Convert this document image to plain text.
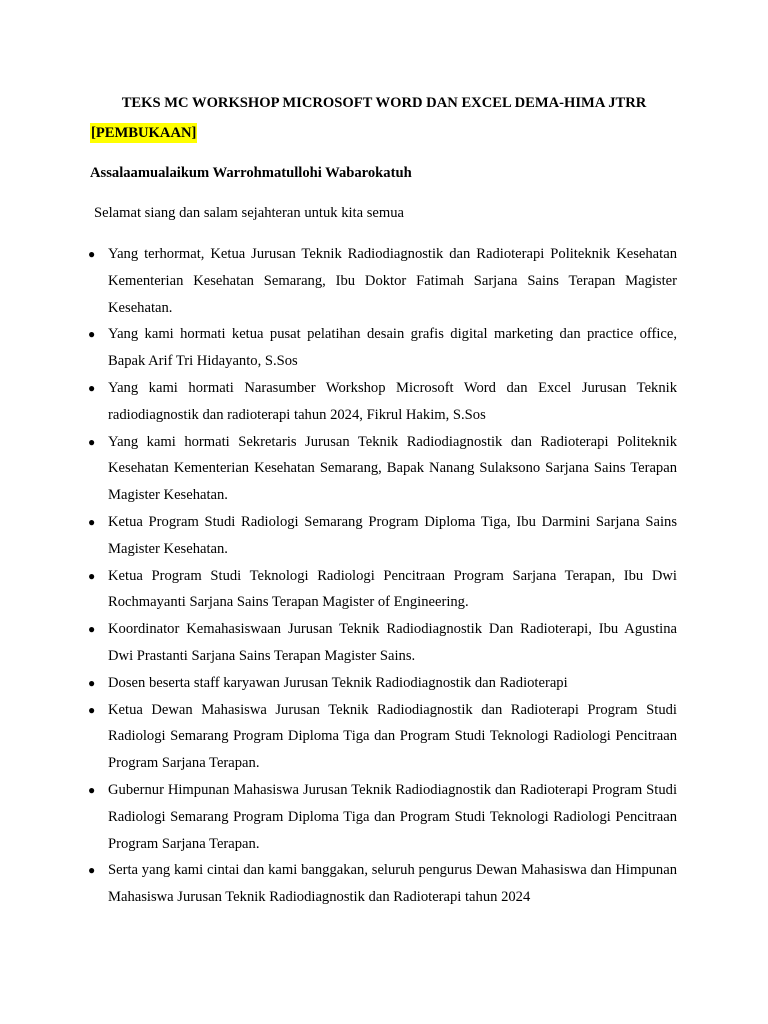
TEKS MC WORKSHOP MICROSOFT WORD DAN EXCEL DEMA-HIMA JTRR
[PEMBUKAAN]
Assalaamualaikum Warrohmatullohi Wabarokatuh
Selamat siang dan salam sejahteran untuk kita semua
● Yang terhormat, Ketua Jurusan Teknik Radiodiagnostik dan Radioterapi Politeknik Kesehatan Kementerian Kesehatan Semarang, Ibu Doktor Fatimah Sarjana Sains Terapan Magister Kesehatan.
● Yang kami hormati ketua pusat pelatihan desain grafis digital marketing dan practice office, Bapak Arif Tri Hidayanto, S.Sos
● Yang kami hormati Narasumber Workshop Microsoft Word dan Excel Jurusan Teknik radiodiagnostik dan radioterapi tahun 2024, Fikrul Hakim, S.Sos
● Yang kami hormati Sekretaris Jurusan Teknik Radiodiagnostik dan Radioterapi Politeknik Kesehatan Kementerian Kesehatan Semarang, Bapak Nanang Sulaksono Sarjana Sains Terapan Magister Kesehatan.
● Ketua Program Studi Radiologi Semarang Program Diploma Tiga, Ibu Darmini Sarjana Sains Magister Kesehatan.
● Ketua Program Studi Teknologi Radiologi Pencitraan Program Sarjana Terapan, Ibu Dwi Rochmayanti Sarjana Sains Terapan Magister of Engineering.
● Koordinator Kemahasiswaan Jurusan Teknik Radiodiagnostik Dan Radioterapi, Ibu Agustina Dwi Prastanti Sarjana Sains Terapan Magister Sains.
● Dosen beserta staff karyawan Jurusan Teknik Radiodiagnostik dan Radioterapi
● Ketua Dewan Mahasiswa Jurusan Teknik Radiodiagnostik dan Radioterapi Program Studi Radiologi Semarang Program Diploma Tiga dan Program Studi Teknologi Radiologi Pencitraan Program Sarjana Terapan.
● Gubernur Himpunan Mahasiswa Jurusan Teknik Radiodiagnostik dan Radioterapi Program Studi Radiologi Semarang Program Diploma Tiga dan Program Studi Teknologi Radiologi Pencitraan Program Sarjana Terapan.
● Serta yang kami cintai dan kami banggakan, seluruh pengurus Dewan Mahasiswa dan Himpunan Mahasiswa Jurusan Teknik Radiodiagnostik dan Radioterapi tahun 2024
